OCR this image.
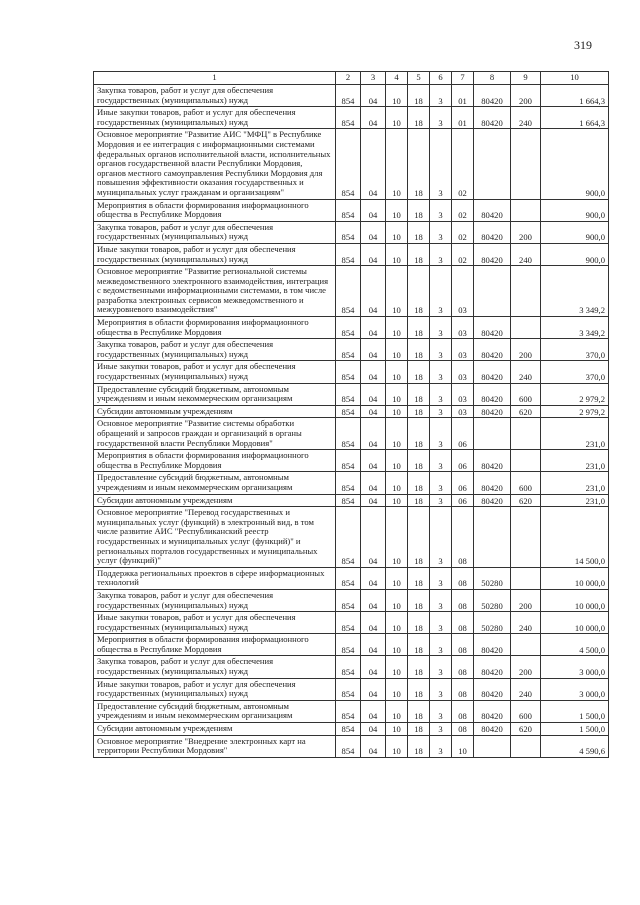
319
1	2	3	4	5	6	7	8	9	10
Закупка товаров, работ и услуг для обеспечения государственных (муниципальных) нужд	854	04	10	18	3	01	80420	200	1 664,3
Иные закупки товаров, работ и услуг для обеспечения государственных (муниципальных) нужд	854	04	10	18	3	01	80420	240	1 664,3
Основное мероприятие "Развитие АИС "МФЦ" в Республике Мордовия и ее интеграция с информационными системами федеральных органов исполнительной власти, исполнительных органов государственной власти Республики Мордовия, органов местного самоуправления Республики Мордовия для повышения эффективности оказания государственных и муниципальных услуг гражданам и организациям"	854	04	10	18	3	02			900,0
Мероприятия в области формирования информационного общества в Республике Мордовия	854	04	10	18	3	02	80420		900,0
Закупка товаров, работ и услуг для обеспечения государственных (муниципальных) нужд	854	04	10	18	3	02	80420	200	900,0
Иные закупки товаров, работ и услуг для обеспечения государственных (муниципальных) нужд	854	04	10	18	3	02	80420	240	900,0
Основное мероприятие "Развитие региональной системы межведомственного электронного взаимодействия, интеграция с ведомственными информационными системами, в том числе разработка электронных сервисов межведомственного и межуровневого взаимодействия"	854	04	10	18	3	03			3 349,2
Мероприятия в области формирования информационного общества в Республике Мордовия	854	04	10	18	3	03	80420		3 349,2
Закупка товаров, работ и услуг для обеспечения государственных (муниципальных) нужд	854	04	10	18	3	03	80420	200	370,0
Иные закупки товаров, работ и услуг для обеспечения государственных (муниципальных) нужд	854	04	10	18	3	03	80420	240	370,0
Предоставление субсидий бюджетным, автономным учреждениям и иным некоммерческим организациям	854	04	10	18	3	03	80420	600	2 979,2
Субсидии автономным учреждениям	854	04	10	18	3	03	80420	620	2 979,2
Основное мероприятие "Развитие системы обработки обращений и запросов граждан и организаций в органы государственной власти Республики Мордовия"	854	04	10	18	3	06			231,0
Мероприятия в области формирования информационного общества в Республике Мордовия	854	04	10	18	3	06	80420		231,0
Предоставление субсидий бюджетным, автономным учреждениям и иным некоммерческим организациям	854	04	10	18	3	06	80420	600	231,0
Субсидии автономным учреждениям	854	04	10	18	3	06	80420	620	231,0
Основное мероприятие "Перевод государственных и муниципальных услуг (функций) в электронный вид, в том числе развитие АИС "Республиканский реестр государственных и муниципальных услуг (функций)" и региональных порталов государственных и муниципальных услуг (функций)"	854	04	10	18	3	08			14 500,0
Поддержка региональных проектов в сфере информационных технологий	854	04	10	18	3	08	50280		10 000,0
Закупка товаров, работ и услуг для обеспечения государственных (муниципальных) нужд	854	04	10	18	3	08	50280	200	10 000,0
Иные закупки товаров, работ и услуг для обеспечения государственных (муниципальных) нужд	854	04	10	18	3	08	50280	240	10 000,0
Мероприятия в области формирования информационного общества в Республике Мордовия	854	04	10	18	3	08	80420		4 500,0
Закупка товаров, работ и услуг для обеспечения государственных (муниципальных) нужд	854	04	10	18	3	08	80420	200	3 000,0
Иные закупки товаров, работ и услуг для обеспечения государственных (муниципальных) нужд	854	04	10	18	3	08	80420	240	3 000,0
Предоставление субсидий бюджетным, автономным учреждениям и иным некоммерческим организациям	854	04	10	18	3	08	80420	600	1 500,0
Субсидии автономным учреждениям	854	04	10	18	3	08	80420	620	1 500,0
Основное мероприятие "Внедрение электронных карт на территории Республики Мордовия"	854	04	10	18	3	10			4 590,6
